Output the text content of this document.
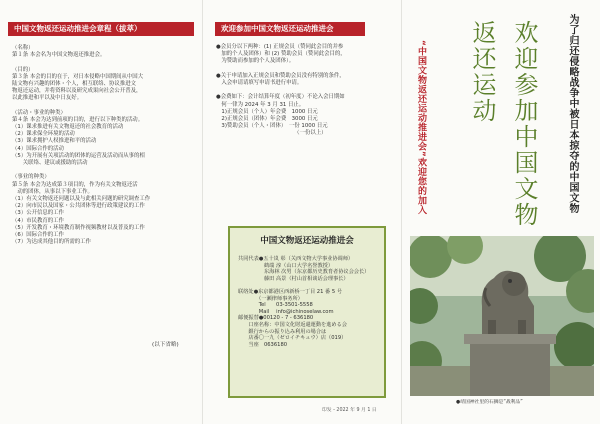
中国文物返还运动推进会章程（拔萃）
（名称）
第１条 本会名为中国文物返还推进会。
（目的）
第３条 本会的目的在于，对日本侵略中国期间从中国大
陆文物有兴趣的团体・个人，相互联络、协议推进文
物返还运动，并将资料以及研究成果向社会公开普及，
以此推进和平以及中日友好。
（活动・事业的种类）
第４条 本会为达到前项的目的，进行以下种类的活动。
（1）课求推进有关文物返还的社会教育的活动
（2）课求保全环境的活动
（3）课求拥护人权推进和平的活动
（4）国际合作的活动
（5）为开展有关项活动的团体的运营及活动而从事的相
　　关联络、建议或援助的活动
（事业的种类）
第５条 本会为达成第３项目的，作为有关文物返还活
　动的团体，从事以下事业工作。
（1）有关文物返还问题以及与此相关问题的研究调查工作
（2）向市民以及国家・公共团体等进行政策建议的工作
（3）公开信息的工作
（4）市民教育的工作
（5）开发教育・环境教育制作视频教材以及普及的工作
（6）国际合作的工作
（7）为达成其他目的所需的工作
(以下省略)
欢迎参加中国文物返还运动推进会
●会员分以下两种：(1) 正规会员（赞同此会目的并参
　加的个人及团体）和 (2) 赞助会员（赞同此会目的，
　为赞助而参加的个人及团体）。
●关于申请加入正规会员和赞助会员没有特别的条件，
　入会申请请填写申请书进行申请。
●会费如下：会计结算年度（初年度）不论入会日期如
　何一律为 2024 年 3 月 31 日止。
　1)正规会员（个人）年会费　1000 日元
　2)正规会员（团体）年会费　3000 日元
　3)赞助会员（个人・团体）　一份 1000 日元
　　　　　　　　　　　　　　　（一份以上）
中国文物返还运动推进会
共同代表●五十岚 彰（关西文物大学事业协调师）
　　　　　鹤端 淳（山口大学名誉教授）
　　　　　东海林 次男（东京都历史教育者协议会会长）
　　　　　藤田 高景（村山首相谈话会理事长）
联络处●东京都港区西新桥一丁目 21 番 5 号
　　　　（一瀬律师事务所）
　　　　Tel　　03-3501-5558
　　　　Mail　 info@ichinoselaw.com
邮便振替●00120 - 7 - 636180
　　口座名称：中国文化財返還運動を進める会
　　銀行からの振り込み利用の場合は
　　店番〇一九（ゼロイチキュウ）店（019）
　　当座　0636180
印发・2022 年 9 月 1 日
为了归还侵略战争中被日本掠夺的中国文物
欢迎参加中国文物
返还运动
“中国文物返还运动推进会”欢迎您的加入
●靖国神社里的石狮是“战利品”
